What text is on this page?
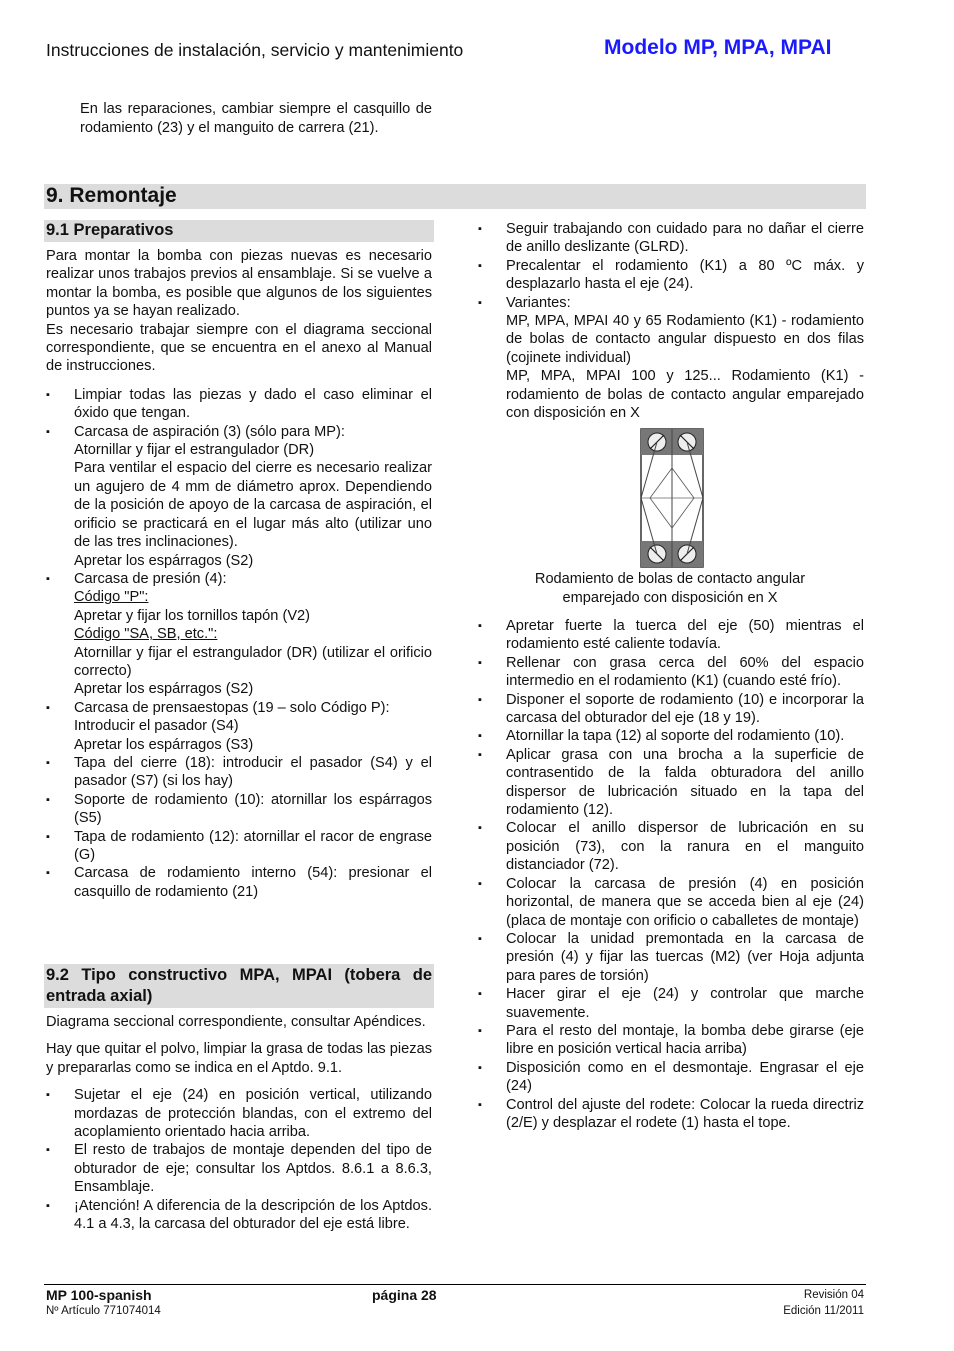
Instrucciones de instalación, servicio y mantenimiento	Modelo MP, MPA, MPAI
En las reparaciones, cambiar siempre el casquillo de rodamiento (23) y el manguito de carrera (21).
9. Remontaje
9.1 Preparativos

Para montar la bomba con piezas nuevas es necesario realizar unos trabajos previos al ensamblaje. Si se vuelve a montar la bomba, es posible que algunos de los siguientes puntos ya se hayan realizado.

Es necesario trabajar siempre con el diagrama seccional correspondiente, que se encuentra en el anexo al Manual de instrucciones.

▪ Limpiar todas las piezas y dado el caso eliminar el óxido que tengan.
▪ Carcasa de aspiración (3) (sólo para MP):
Atornillar y fijar el estrangulador (DR)
Para ventilar el espacio del cierre es necesario realizar un agujero de 4 mm de diámetro aprox. Dependiendo de la posición de apoyo de la carcasa de aspiración, el orificio se practicará en el lugar más alto (utilizar uno de las tres inclinaciones).
Apretar los espárragos (S2)
▪ Carcasa de presión (4):
Código "P":
Apretar y fijar los tornillos tapón (V2)
Código "SA, SB, etc.":
Atornillar y fijar el estrangulador (DR) (utilizar el orificio correcto)
Apretar los espárragos (S2)
▪ Carcasa de prensaestopas (19 – solo Código P):
Introducir el pasador (S4)
Apretar los espárragos (S3)
▪ Tapa del cierre (18): introducir el pasador (S4) y el pasador (S7) (si los hay)
▪ Soporte de rodamiento (10): atornillar los espárragos (S5)
▪ Tapa de rodamiento (12): atornillar el racor de engrase (G)
▪ Carcasa de rodamiento interno (54): presionar el casquillo de rodamiento (21)
9.2 Tipo constructivo MPA, MPAI (tobera de entrada axial)

Diagrama seccional correspondiente, consultar Apéndices.

Hay que quitar el polvo, limpiar la grasa de todas las piezas y prepararlas como se indica en el Aptdo. 9.1.

▪ Sujetar el eje (24) en posición vertical, utilizando mordazas de protección blandas, con el extremo del acoplamiento orientado hacia arriba.
▪ El resto de trabajos de montaje dependen del tipo de obturador de eje; consultar los Aptdos. 8.6.1 a 8.6.3, Ensamblaje.
▪ ¡Atención! A diferencia de la descripción de los Aptdos. 4.1 a 4.3, la carcasa del obturador del eje está libre.
▪ Seguir trabajando con cuidado para no dañar el cierre de anillo deslizante (GLRD).
▪ Precalentar el rodamiento (K1) a 80 ºC máx. y desplazarlo hasta el eje (24).
▪ Variantes:
MP, MPA, MPAI 40 y 65 Rodamiento (K1) - rodamiento de bolas de contacto angular dispuesto en dos filas (cojinete individual)
MP, MPA, MPAI 100 y 125... Rodamiento (K1) - rodamiento de bolas de contacto angular emparejado con disposición en X
Rodamiento de bolas de contacto angular emparejado con disposición en X
▪ Apretar fuerte la tuerca del eje (50) mientras el rodamiento esté caliente todavía.
▪ Rellenar con grasa cerca del 60% del espacio intermedio en el rodamiento (K1) (cuando esté frío).
▪ Disponer el soporte de rodamiento (10) e incorporar la carcasa del obturador del eje (18 y 19).
▪ Atornillar la tapa (12) al soporte del rodamiento (10).
▪ Aplicar grasa con una brocha a la superficie de contrasentido de la falda obturadora del anillo dispersor de lubricación situado en la tapa del rodamiento (12).
▪ Colocar el anillo dispersor de lubricación en su posición (73), con la ranura en el manguito distanciador (72).
▪ Colocar la carcasa de presión (4) en posición horizontal, de manera que se acceda bien al eje (24) (placa de montaje con orificio o caballetes de montaje)
▪ Colocar la unidad premontada en la carcasa de presión (4) y fijar las tuercas (M2) (ver Hoja adjunta para pares de torsión)
▪ Hacer girar el eje (24) y controlar que marche suavemente.
▪ Para el resto del montaje, la bomba debe girarse (eje libre en posición vertical hacia arriba)
▪ Disposición como en el desmontaje. Engrasar el eje (24)
▪ Control del ajuste del rodete: Colocar la rueda directriz (2/E) y desplazar el rodete (1) hasta el tope.
MP 100-spanish
Nº Artículo 771074014
página 28	Revisión 04
Edición 11/2011
